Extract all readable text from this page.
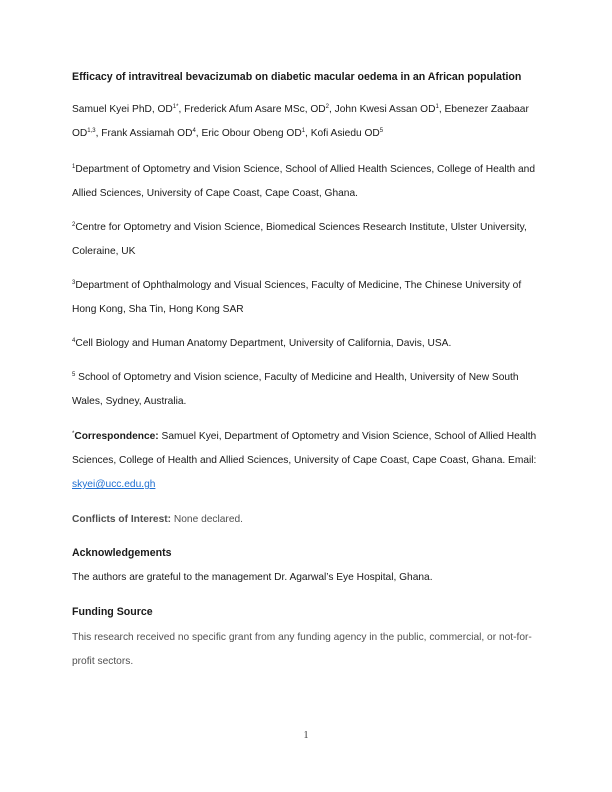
Efficacy of intravitreal bevacizumab on diabetic macular oedema in an African population
Samuel Kyei PhD, $OD^{1*}$, Frederick Afum Asare MSc, $OD^2$, John Kwesi Assan $OD^1$, Ebenezer Zaabaar OD$^{1,3}$, Frank Assiamah $OD^4$, Eric Obour Obeng $OD^1$, Kofi Asiedu $OD^5$
$^1$Department of Optometry and Vision Science, School of Allied Health Sciences, College of Health and Allied Sciences, University of Cape Coast, Cape Coast, Ghana.
$^2$Centre for Optometry and Vision Science, Biomedical Sciences Research Institute, Ulster University, Coleraine, UK
$^3$Department of Ophthalmology and Visual Sciences, Faculty of Medicine, The Chinese University of Hong Kong, Sha Tin, Hong Kong SAR
$^4$Cell Biology and Human Anatomy Department, University of California, Davis, USA.
$^5$ School of Optometry and Vision science, Faculty of Medicine and Health, University of New South Wales, Sydney, Australia.
*Correspondence: Samuel Kyei, Department of Optometry and Vision Science, School of Allied Health Sciences, College of Health and Allied Sciences, University of Cape Coast, Cape Coast, Ghana. Email: skyei@ucc.edu.gh
Conflicts of Interest: None declared.
Acknowledgements
The authors are grateful to the management Dr. Agarwal’s Eye Hospital, Ghana.
Funding Source
This research received no specific grant from any funding agency in the public, commercial, or not-for-profit sectors.
1
